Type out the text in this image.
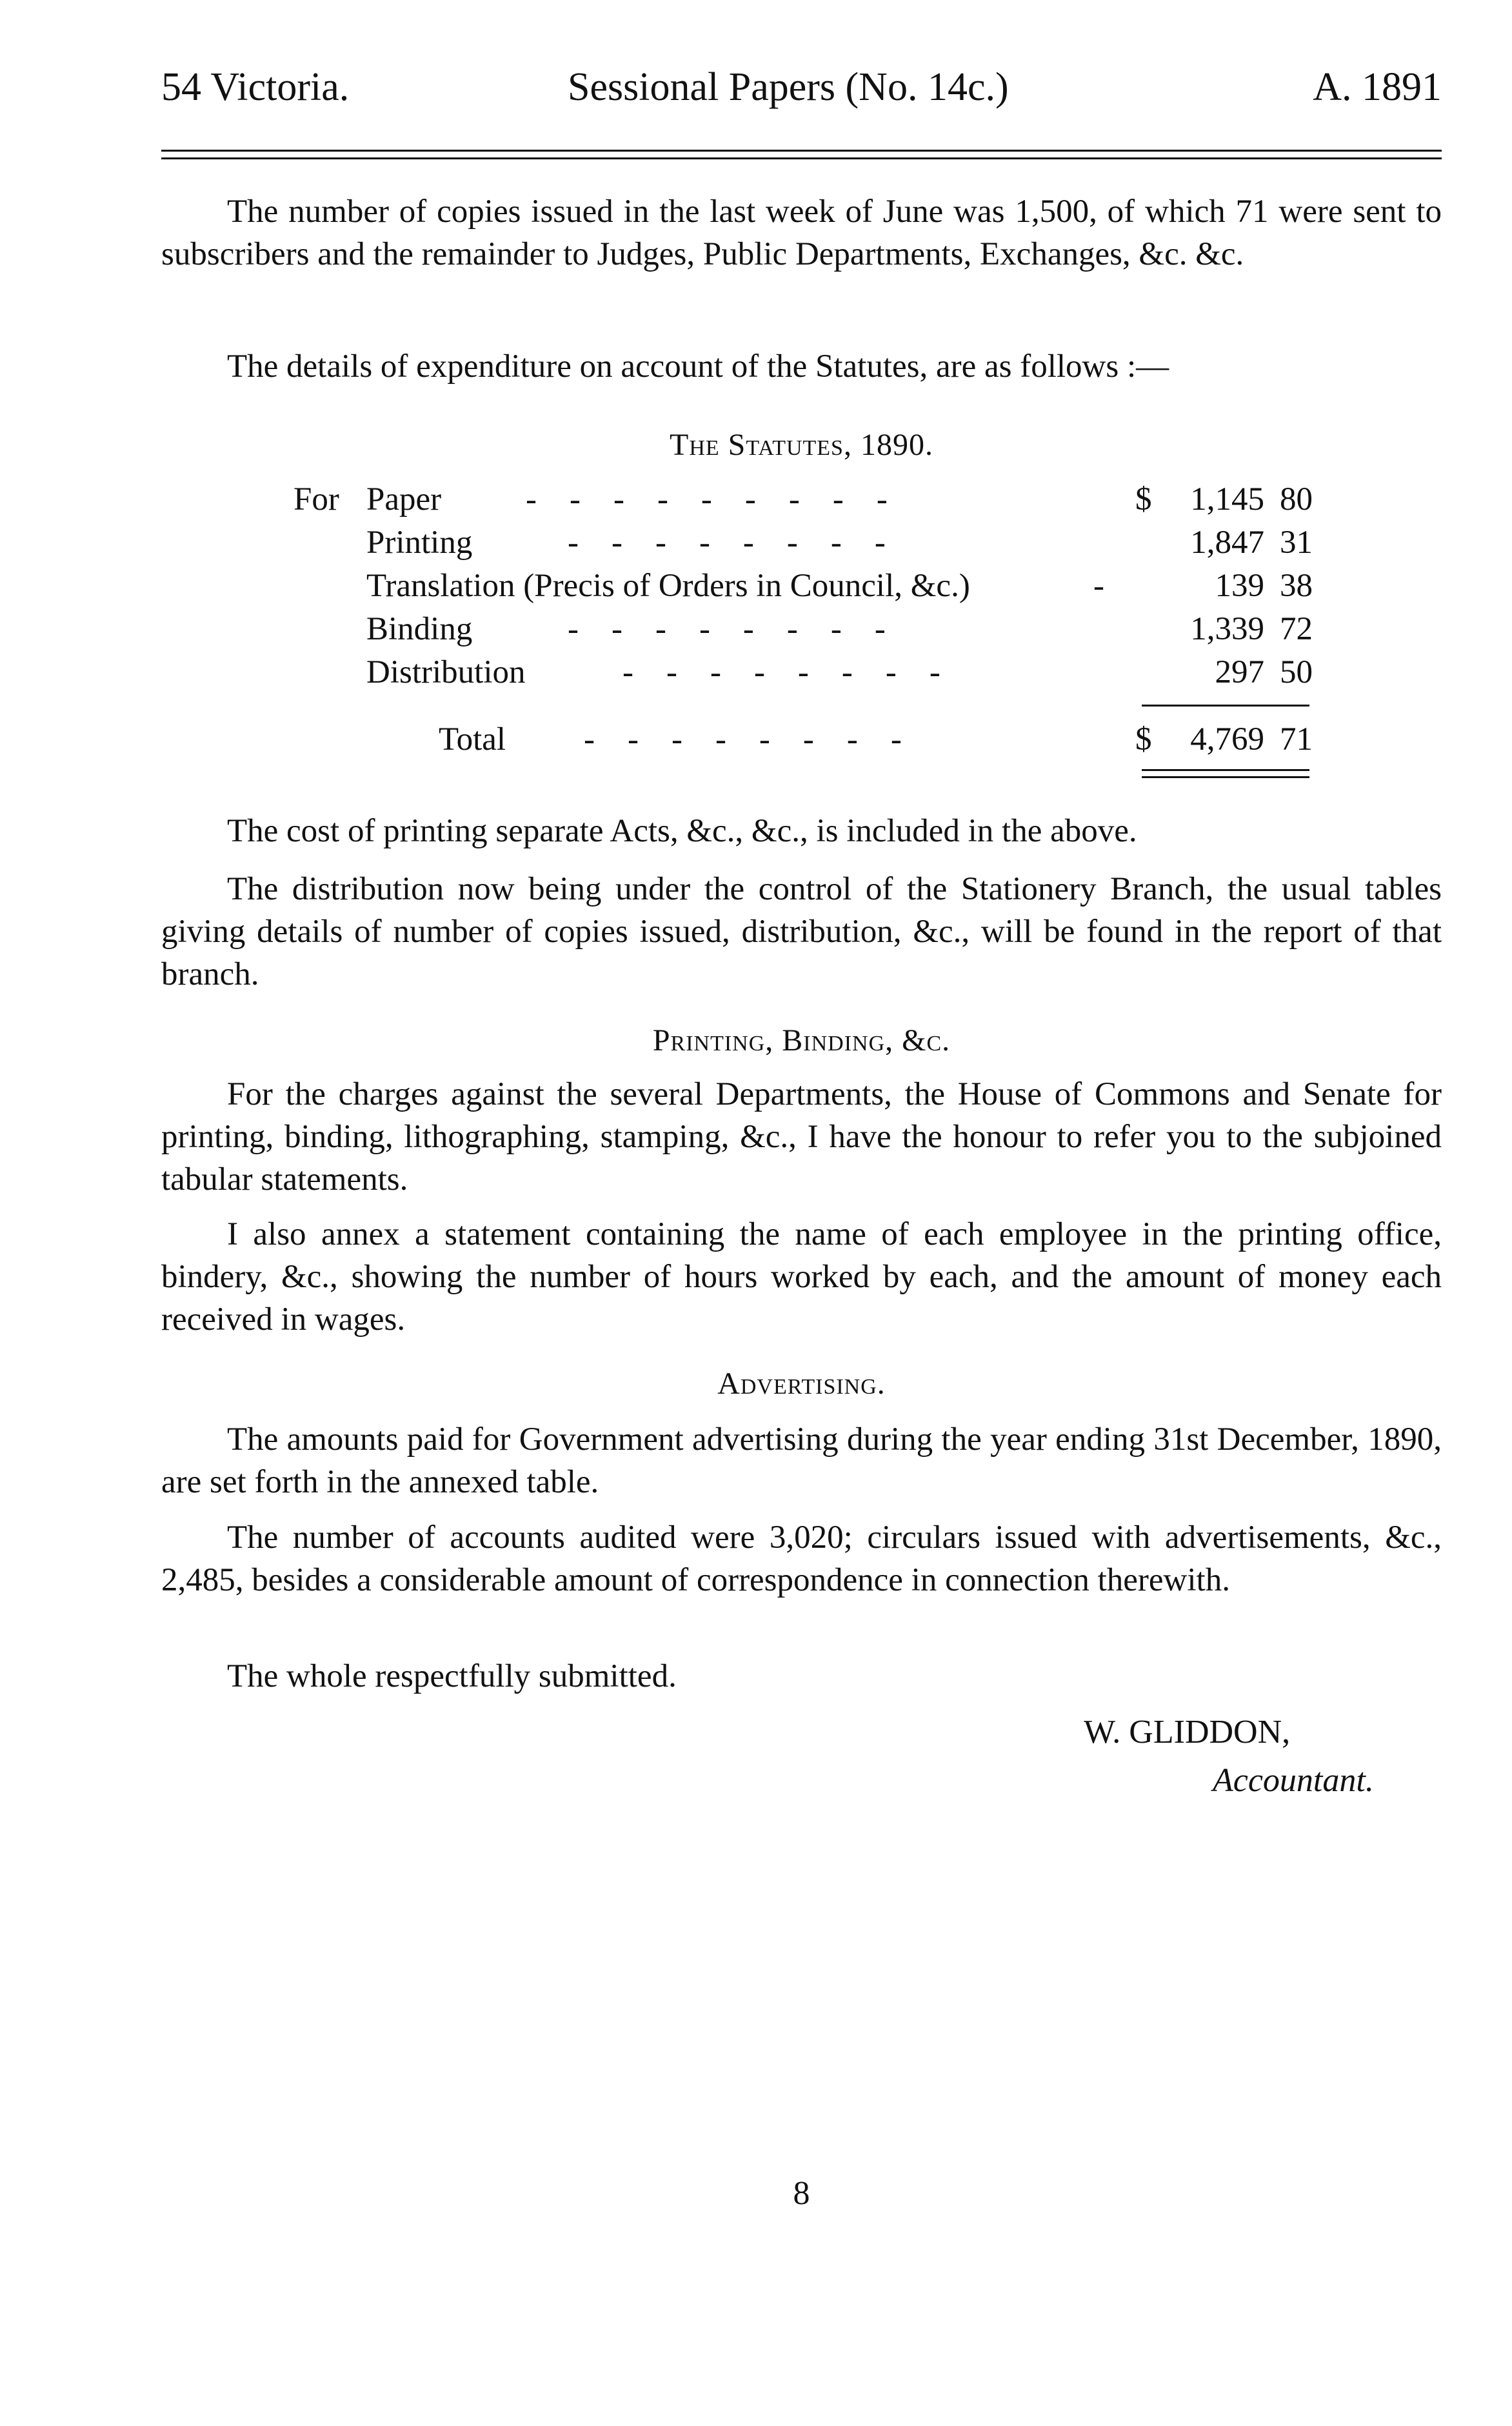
54 Victoria.	Sessional Papers (No. 14c.)	A. 1891

The number of copies issued in the last week of June was 1,500, of which 71 were sent to subscribers and the remainder to Judges, Public Departments, Exchanges, &c. &c.

The details of expenditure on account of the Statutes, are as follows :—

The Statutes, 1890.
For Paper	-    -    -    -    -    -    -    -    -	$	1,145 80
Printing	-    -    -    -    -    -    -    -	1,847 31
Translation (Precis of Orders in Council, &c.)	-	139 38
Binding	-    -    -    -    -    -    -    -	1,339 72
Distribution	-    -    -    -    -    -    -    -	297 50
Total -    -    -    -    -    -    -    -	$	4,769 71

The cost of printing separate Acts, &c., &c., is included in the above.

The distribution now being under the control of the Stationery Branch, the usual tables giving details of number of copies issued, distribution, &c., will be found in the report of that branch.

Printing, Binding, &c.

For the charges against the several Departments, the House of Commons and Senate for printing, binding, lithographing, stamping, &c., I have the honour to refer you to the subjoined tabular statements.

I also annex a statement containing the name of each employee in the printing office, bindery, &c., showing the number of hours worked by each, and the amount of money each received in wages.

Advertising.

The amounts paid for Government advertising during the year ending 31st December, 1890, are set forth in the annexed table.

The number of accounts audited were 3,020; circulars issued with advertisements, &c., 2,485, besides a considerable amount of correspondence in connection therewith.

The whole respectfully submitted.

W. GLIDDON,
Accountant.
8
